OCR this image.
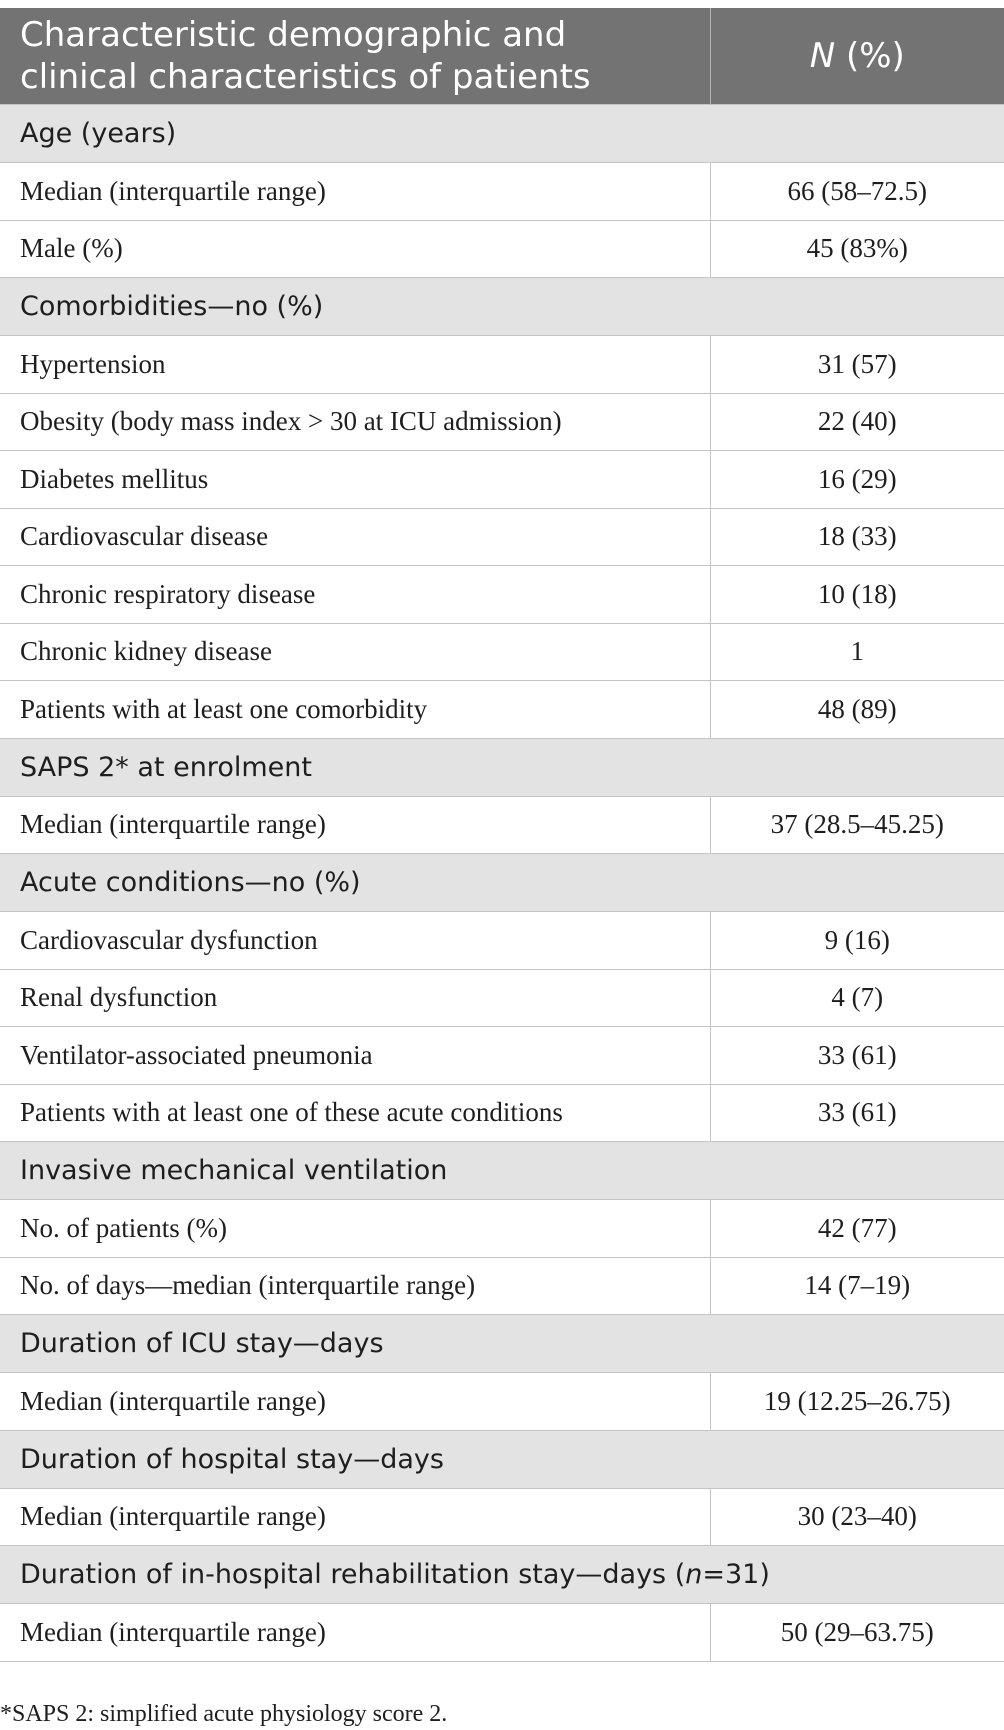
Characteristic demographic and clinical characteristics of patients	N (%)
Age (years)	
Median (interquartile range)	66 (58–72.5)
Male (%)	45 (83%)
Comorbidities—no (%)	
Hypertension	31 (57)
Obesity (body mass index > 30 at ICU admission)	22 (40)
Diabetes mellitus	16 (29)
Cardiovascular disease	18 (33)
Chronic respiratory disease	10 (18)
Chronic kidney disease	1
Patients with at least one comorbidity	48 (89)
SAPS 2* at enrolment	
Median (interquartile range)	37 (28.5–45.25)
Acute conditions—no (%)	
Cardiovascular dysfunction	9 (16)
Renal dysfunction	4 (7)
Ventilator-associated pneumonia	33 (61)
Patients with at least one of these acute conditions	33 (61)
Invasive mechanical ventilation	
No. of patients (%)	42 (77)
No. of days—median (interquartile range)	14 (7–19)
Duration of ICU stay—days	
Median (interquartile range)	19 (12.25–26.75)
Duration of hospital stay—days	
Median (interquartile range)	30 (23–40)
Duration of in-hospital rehabilitation stay—days (n=31)	
Median (interquartile range)	50 (29–63.75)
*SAPS 2: simplified acute physiology score 2.
